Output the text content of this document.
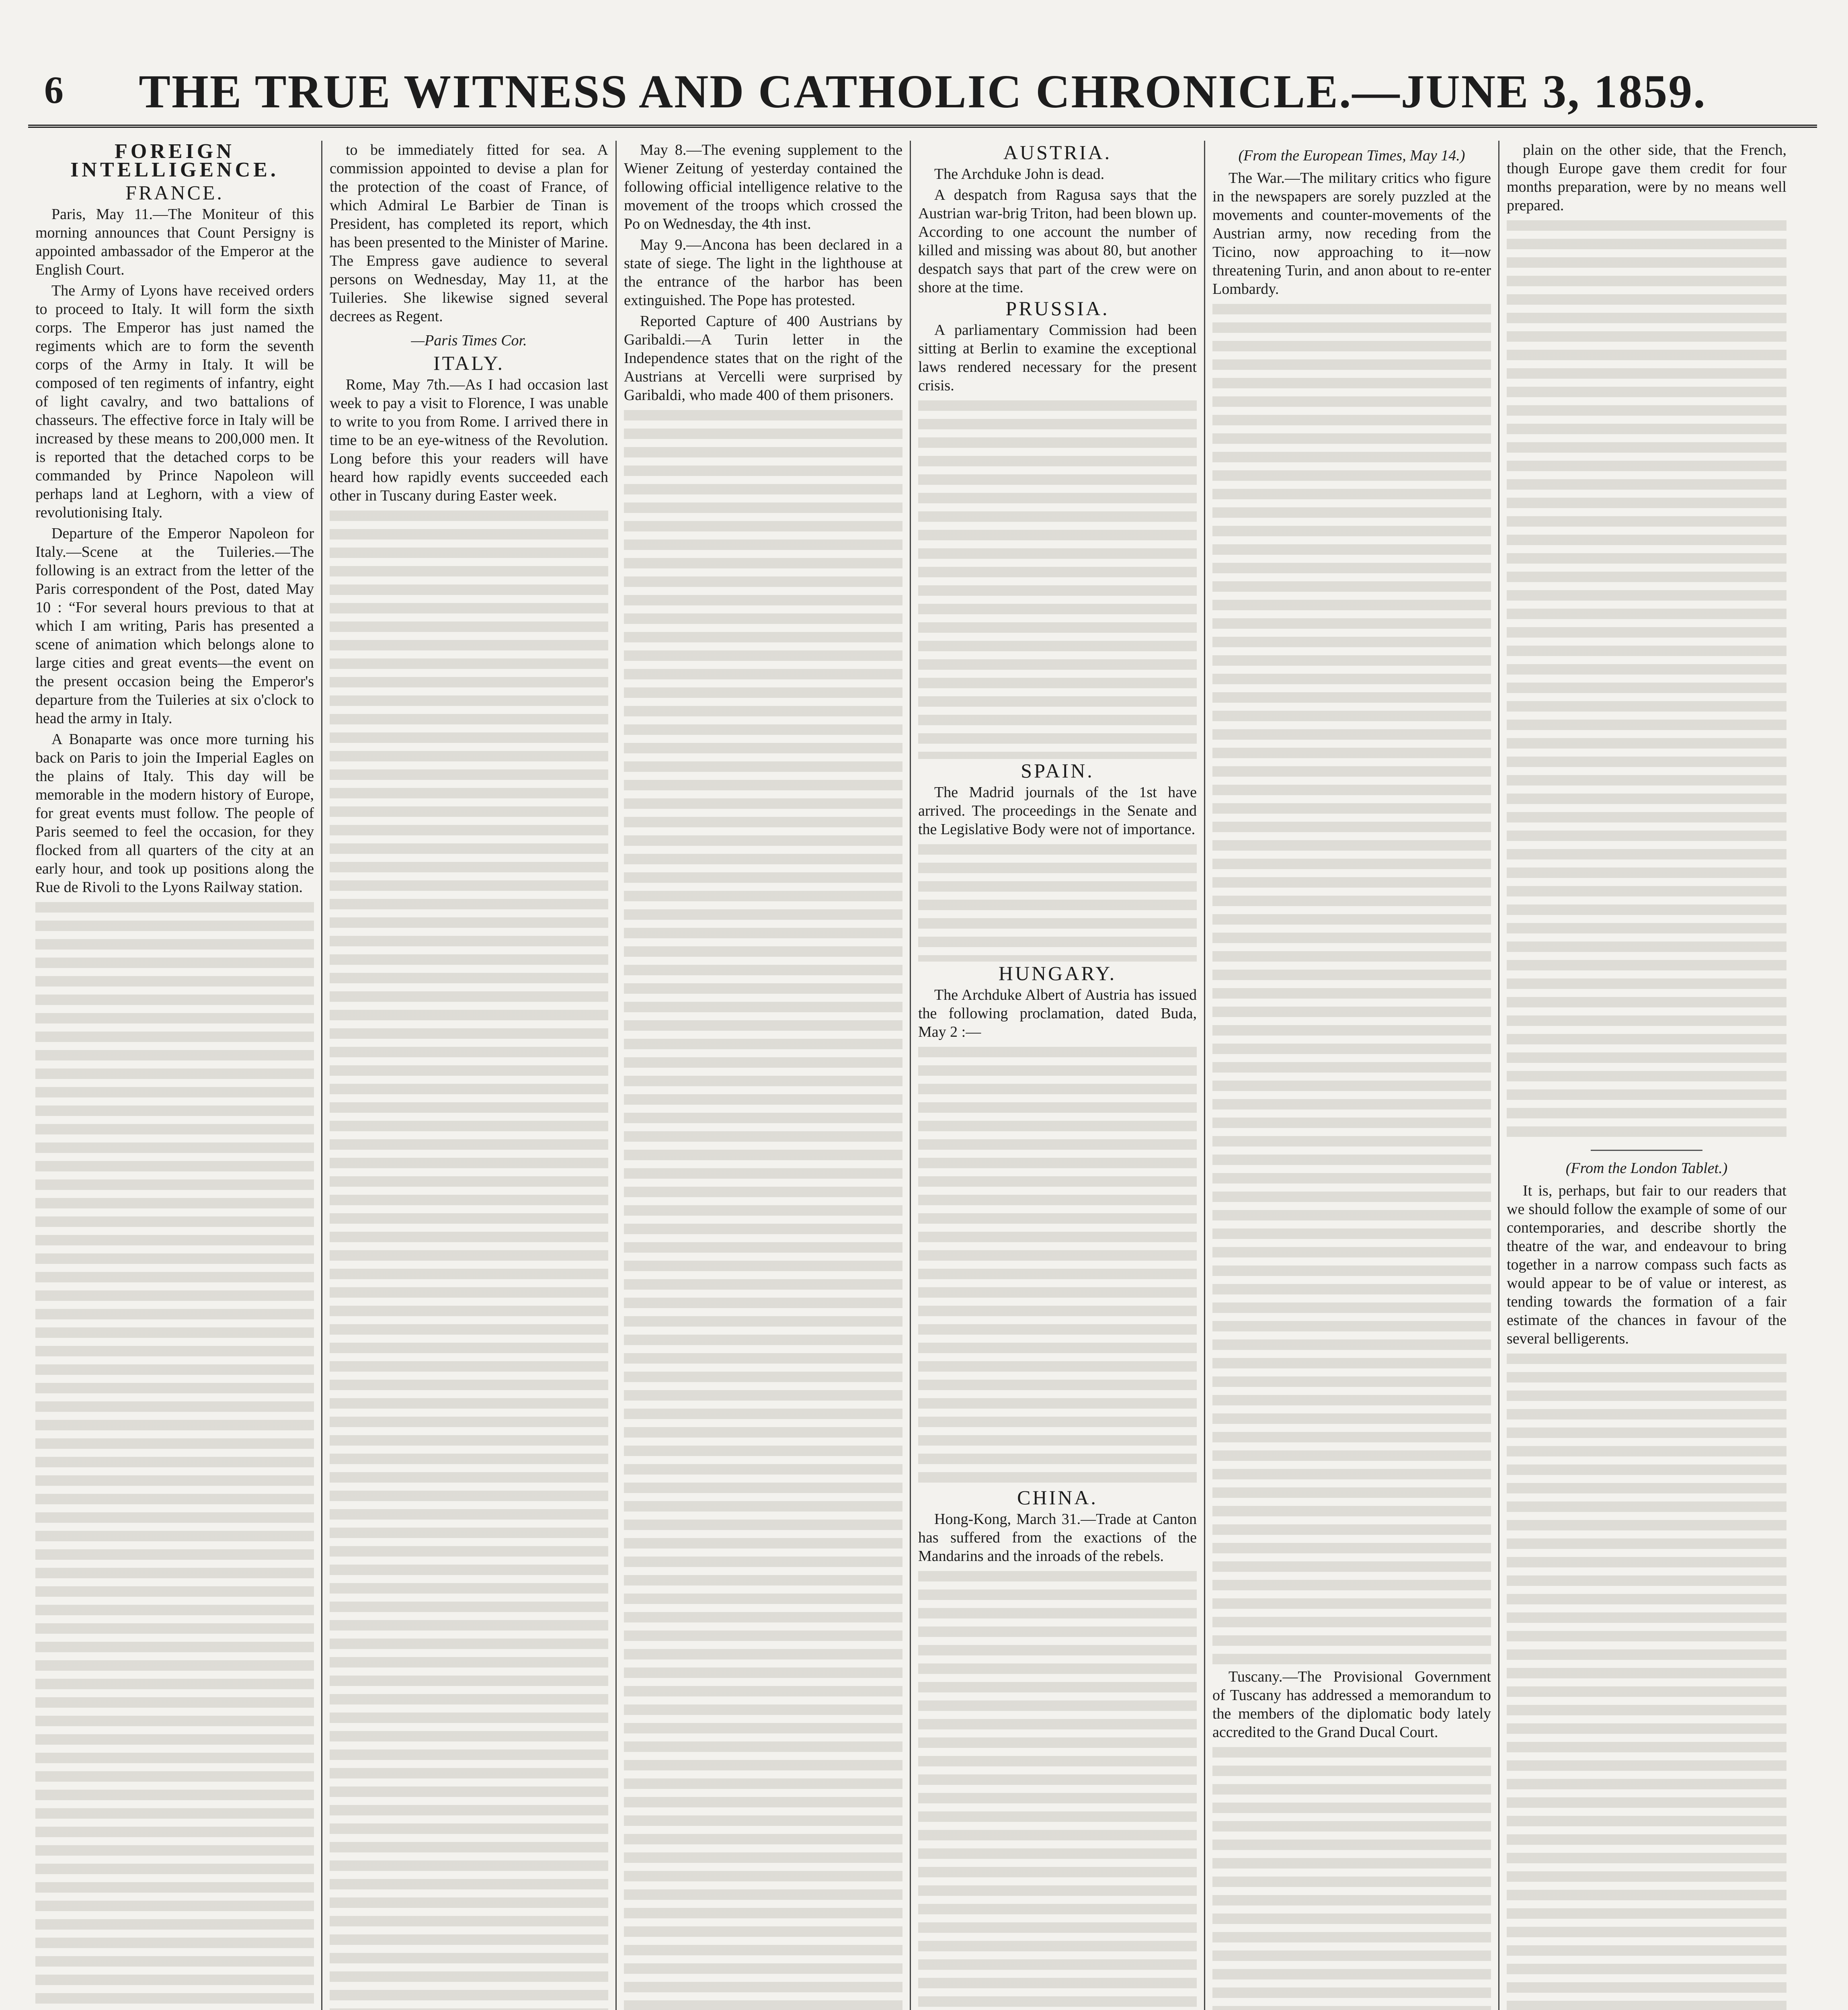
6	THE TRUE WITNESS AND CATHOLIC CHRONICLE.—JUNE 3, 1859.
FOREIGN INTELLIGENCE.
FRANCE.

Paris, May 11.—The Moniteur of this morning announces that Count Persigny is appointed ambassador of the Emperor at the English Court.

The Army of Lyons have received orders to proceed to Italy. It will form the sixth corps. The Emperor has just named the regiments which are to form the seventh corps of the Army in Italy. It will be composed of ten regiments of infantry, eight of light cavalry, and two battalions of chasseurs. The effective force in Italy will be increased by these means to 200,000 men. It is reported that the detached corps to be commanded by Prince Napoleon will perhaps land at Leghorn, with a view of revolutionising Italy.

Departure of the Emperor Napoleon for Italy.—Scene at the Tuileries.—The following is an extract from the letter of the Paris correspondent of the Post, dated May 10 : “For several hours previous to that at which I am writing, Paris has presented a scene of animation which belongs alone to large cities and great events—the event on the present occasion being the Emperor's departure from the Tuileries at six o'clock to head the army in Italy.

A Bonaparte was once more turning his back on Paris to join the Imperial Eagles on the plains of Italy. This day will be memorable in the modern history of Europe, for great events must follow. The people of Paris seemed to feel the occasion, for they flocked from all quarters of the city at an early hour, and took up positions along the Rue de Rivoli to the Lyons Railway station.

to be immediately fitted for sea. A commission appointed to devise a plan for the protection of the coast of France, of which Admiral Le Barbier de Tinan is President, has completed its report, which has been presented to the Minister of Marine. The Empress gave audience to several persons on Wednesday, May 11, at the Tuileries. She likewise signed several decrees as Regent.

—Paris Times Cor.
ITALY.

Rome, May 7th.—As I had occasion last week to pay a visit to Florence, I was unable to write to you from Rome. I arrived there in time to be an eye-witness of the Revolution. Long before this your readers will have heard how rapidly events succeeded each other in Tuscany during Easter week.

May 8.—The evening supplement to the Wiener Zeitung of yesterday contained the following official intelligence relative to the movement of the troops which crossed the Po on Wednesday, the 4th inst.

May 9.—Ancona has been declared in a state of siege. The light in the lighthouse at the entrance of the harbor has been extinguished. The Pope has protested.

Reported Capture of 400 Austrians by Garibaldi.—A Turin letter in the Independence states that on the right of the Austrians at Vercelli were surprised by Garibaldi, who made 400 of them prisoners.

AUSTRIA.

The Archduke John is dead.

A despatch from Ragusa says that the Austrian war-brig Triton, had been blown up. According to one account the number of killed and missing was about 80, but another despatch says that part of the crew were on shore at the time.

PRUSSIA.

A parliamentary Commission had been sitting at Berlin to examine the exceptional laws rendered necessary for the present crisis.

SPAIN.

The Madrid journals of the 1st have arrived. The proceedings in the Senate and the Legislative Body were not of importance.

HUNGARY.

The Archduke Albert of Austria has issued the following proclamation, dated Buda, May 2 :—

CHINA.

Hong-Kong, March 31.—Trade at Canton has suffered from the exactions of the Mandarins and the inroads of the rebels.

(From the European Times, May 14.)

The War.—The military critics who figure in the newspapers are sorely puzzled at the movements and counter-movements of the Austrian army, now receding from the Ticino, now approaching to it—now threatening Turin, and anon about to re-enter Lombardy.

Tuscany.—The Provisional Government of Tuscany has addressed a memorandum to the members of the diplomatic body lately accredited to the Grand Ducal Court.

plain on the other side, that the French, though Europe gave them credit for four months preparation, were by no means well prepared.

(From the London Tablet.)

It is, perhaps, but fair to our readers that we should follow the example of some of our contemporaries, and describe shortly the theatre of the war, and endeavour to bring together in a narrow compass such facts as would appear to be of value or interest, as tending towards the formation of a fair estimate of the chances in favour of the several belligerents.
